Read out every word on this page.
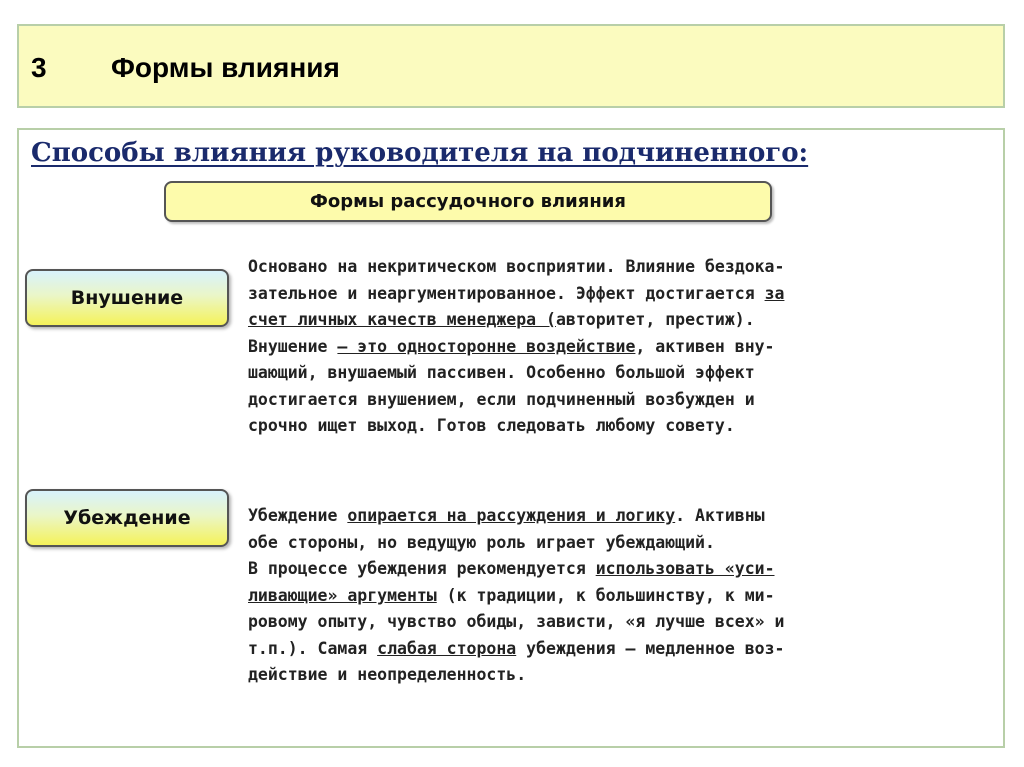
3 Формы влияния
Способы влияния руководителя на подчиненного:
Формы рассудочного влияния
Внушение
Основано на некритическом восприятии. Влияние бездока-
зательное и неаргументированное. Эффект достигается за
счет личных качеств менеджера (авторитет, престиж).
Внушение – это одностороннe воздействие, активен вну-
шающий, внушаемый пассивен. Особенно большой эффект
достигается внушением, если подчиненный возбужден и
срочно ищет выход. Готов следовать любому совету.
Убеждение	Убеждение опирается на рассуждения и логику. Активны
обе стороны, но ведущую роль играет убеждающий.
В процессе убеждения рекомендуется использовать «уси-
ливающие» аргументы (к традиции, к большинству, к ми-
ровому опыту, чувство обиды, зависти, «я лучше всех» и
т.п.). Самая слабая сторона убеждения – медленное воз-
действие и неопределенность.
